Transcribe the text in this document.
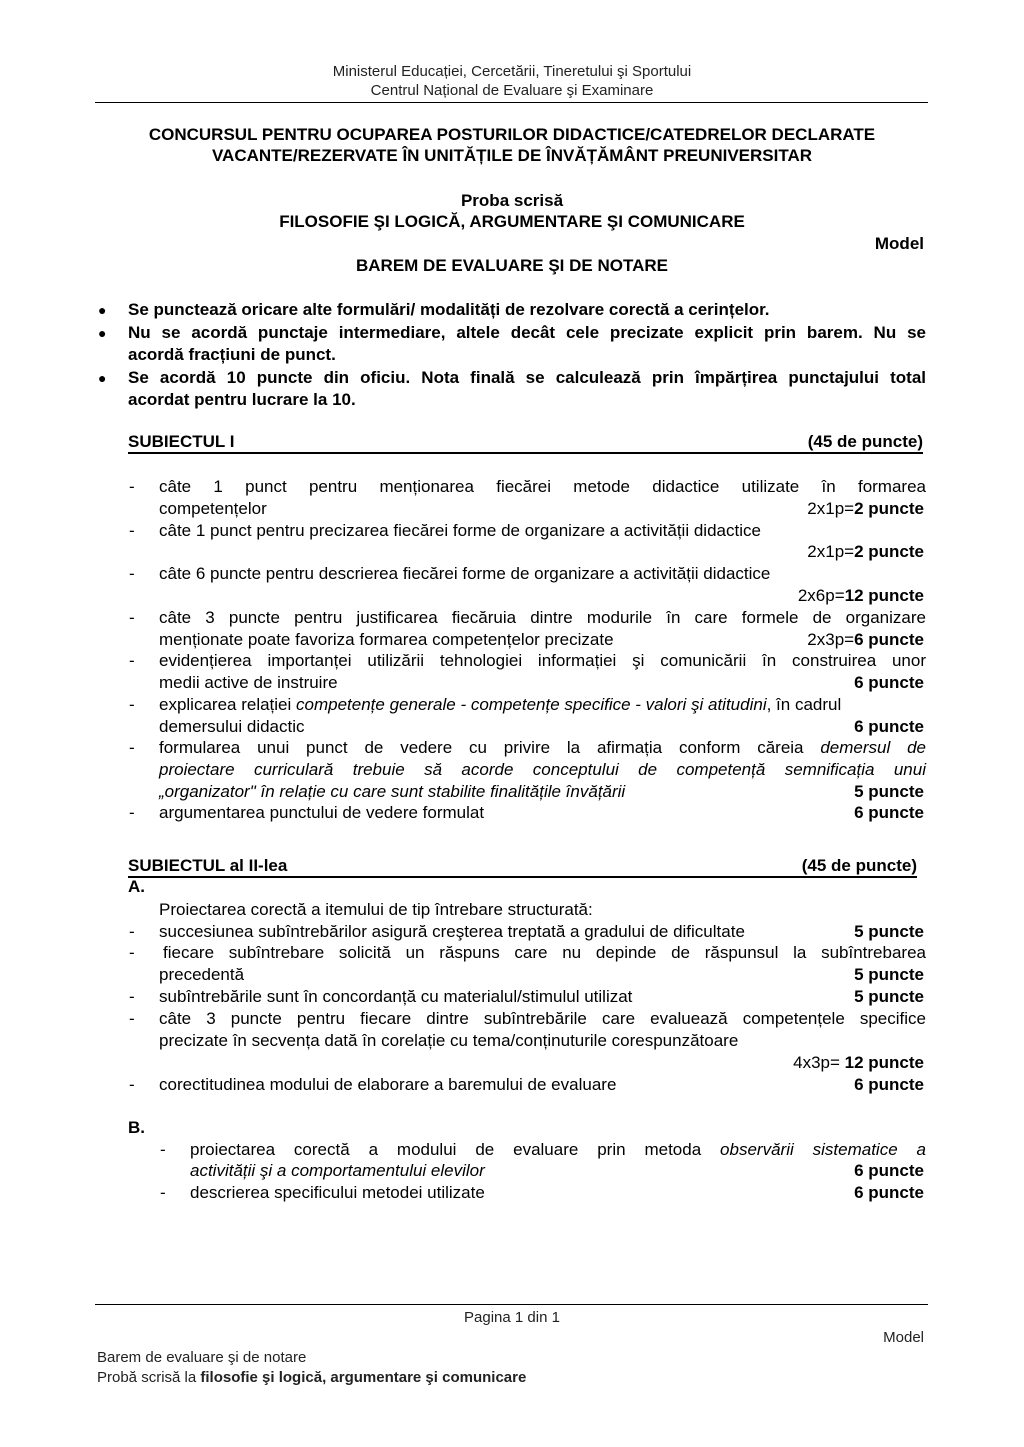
Ministerul Educației, Cercetării, Tineretului şi Sportului
Centrul Național de Evaluare şi Examinare
CONCURSUL PENTRU OCUPAREA POSTURILOR DIDACTICE/CATEDRELOR DECLARATE
VACANTE/REZERVATE ÎN UNITĂȚILE DE ÎNVĂȚĂMÂNT PREUNIVERSITAR
Proba scrisă
FILOSOFIE ŞI LOGICĂ, ARGUMENTARE ŞI COMUNICARE
Model
BAREM DE EVALUARE ŞI DE NOTARE
● Se punctează oricare alte formulări/ modalități de rezolvare corectă a cerințelor.
● Nu se acordă punctaje intermediare, altele decât cele precizate explicit prin barem. Nu se
acordă fracțiuni de punct.
● Se acordă 10 puncte din oficiu. Nota finală se calculează prin împărțirea punctajului total
acordat pentru lucrare la 10.
SUBIECTUL I	(45 de puncte)
- câte 1 punct pentru menționarea fiecărei metode didactice utilizate în formarea
competențelor	2x1p=2 puncte
- câte 1 punct pentru precizarea fiecărei forme de organizare a activității didactice
2x1p=2 puncte
- câte 6 puncte pentru descrierea fiecărei forme de organizare a activității didactice
2x6p=12 puncte
- câte 3 puncte pentru justificarea fiecăruia dintre modurile în care formele de organizare
menționate poate favoriza formarea competențelor precizate	2x3p=6 puncte
- evidențierea importanței utilizării tehnologiei informației şi comunicării în construirea unor
medii active de instruire	6 puncte
- explicarea relației competențe generale - competențe specifice - valori şi atitudini, în cadrul
demersului didactic	6 puncte
- formularea unui punct de vedere cu privire la afirmația conform căreia demersul de
proiectare curriculară trebuie să acorde conceptului de competență semnificația unui
„organizator" în relație cu care sunt stabilite finalitățile învățării	5 puncte
- argumentarea punctului de vedere formulat	6 puncte
SUBIECTUL al II-lea	(45 de puncte)
A.
Proiectarea corectă a itemului de tip întrebare structurată:
- succesiunea subîntrebărilor asigură creşterea treptată a gradului de dificultate	5 puncte
- fiecare subîntrebare solicită un răspuns care nu depinde de răspunsul la subîntrebarea
precedentă	5 puncte
- subîntrebările sunt în concordanță cu materialul/stimulul utilizat	5 puncte
- câte 3 puncte pentru fiecare dintre subîntrebările care evaluează competențele specifice
precizate în secvența dată în corelație cu tema/conținuturile corespunzătoare
4x3p= 12 puncte
- corectitudinea modului de elaborare a baremului de evaluare	6 puncte
B.
- proiectarea corectă a modului de evaluare prin metoda observării sistematice a
activității şi a comportamentului elevilor	6 puncte
- descrierea specificului metodei utilizate	6 puncte
Pagina 1 din 1
Model
Barem de evaluare şi de notare
Probă scrisă la filosofie şi logică, argumentare şi comunicare
